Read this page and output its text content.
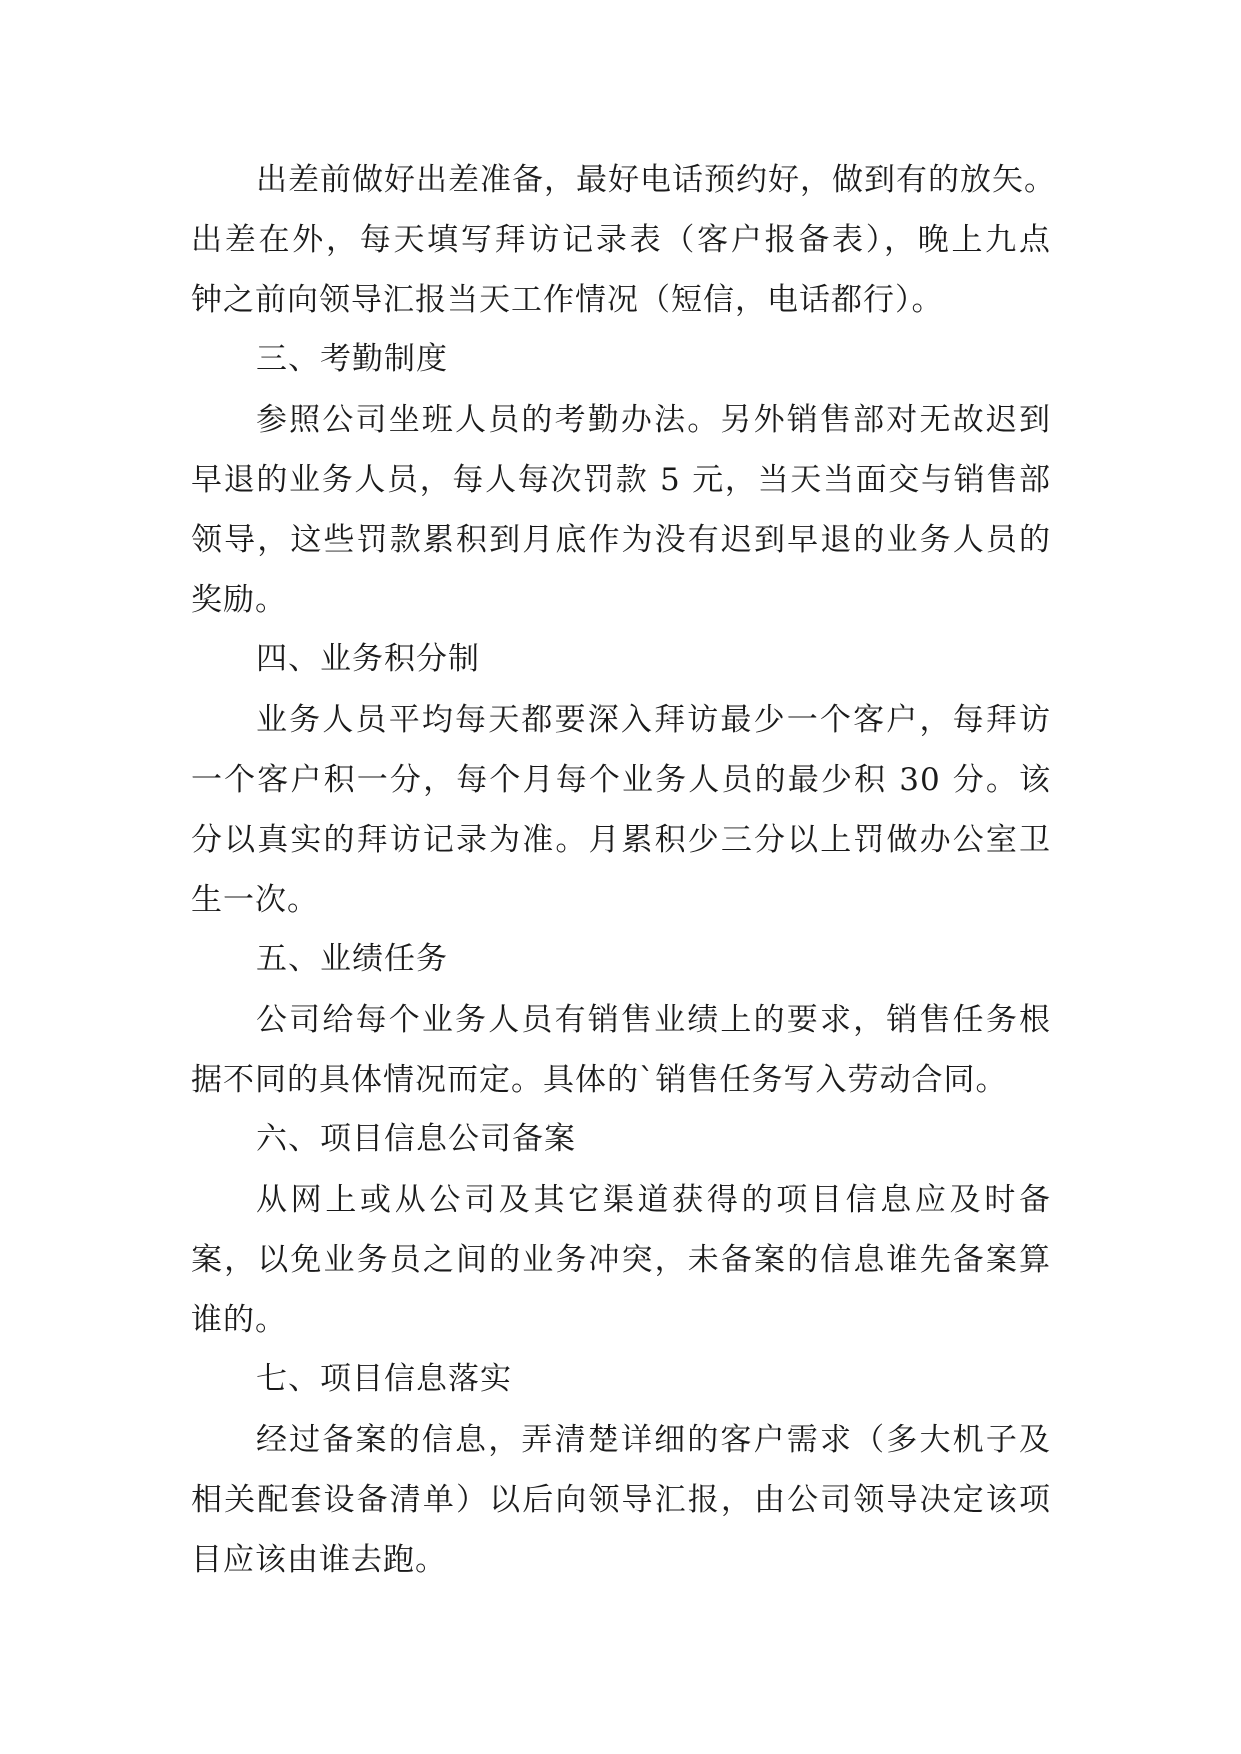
出差前做好出差准备，最好电话预约好，做到有的放矢。
出差在外，每天填写拜访记录表（客户报备表），晚上九点
钟之前向领导汇报当天工作情况（短信，电话都行）。
三、考勤制度
参照公司坐班人员的考勤办法。另外销售部对无故迟到
早退的业务人员，每人每次罚款 5 元，当天当面交与销售部
领导，这些罚款累积到月底作为没有迟到早退的业务人员的
奖励。
四、业务积分制
业务人员平均每天都要深入拜访最少一个客户，每拜访
一个客户积一分，每个月每个业务人员的最少积 30 分。该
分以真实的拜访记录为准。月累积少三分以上罚做办公室卫
生一次。
五、业绩任务
公司给每个业务人员有销售业绩上的要求，销售任务根
据不同的具体情况而定。具体的`销售任务写入劳动合同。
六、项目信息公司备案
从网上或从公司及其它渠道获得的项目信息应及时备
案，以免业务员之间的业务冲突，未备案的信息谁先备案算
谁的。
七、项目信息落实
经过备案的信息，弄清楚详细的客户需求（多大机子及
相关配套设备清单）以后向领导汇报，由公司领导决定该项
目应该由谁去跑。
